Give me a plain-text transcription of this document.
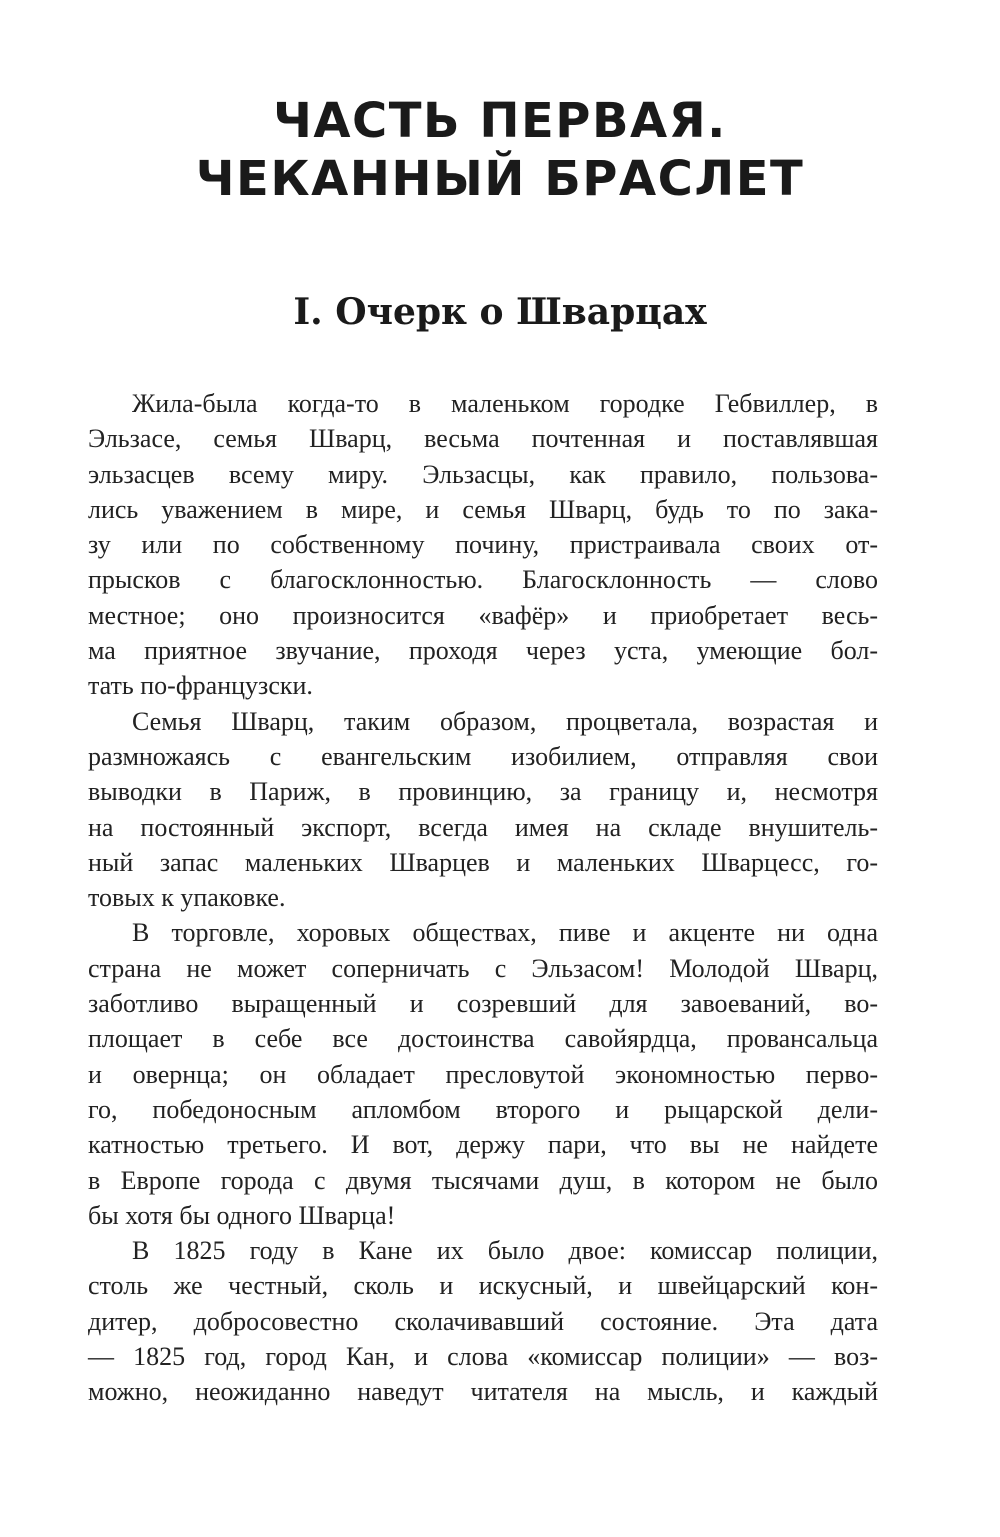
ЧАСТЬ ПЕРВАЯ.
ЧЕКАННЫЙ БРАСЛЕТ
I. Очерк о Шварцах

Жила-была когда-то в маленьком городке Гебвиллер, в
Эльзасе, семья Шварц, весьма почтенная и поставлявшая
эльзасцев всему миру. Эльзасцы, как правило, пользова-
лись уважением в мире, и семья Шварц, будь то по зака-
зу или по собственному почину, пристраивала своих от-
прысков с благосклонностью. Благосклонность — слово
местное; оно произносится «вафёр» и приобретает весь-
ма приятное звучание, проходя через уста, умеющие бол-
тать по-французски.

Семья Шварц, таким образом, процветала, возрастая и
размножаясь с евангельским изобилием, отправляя свои
выводки в Париж, в провинцию, за границу и, несмотря
на постоянный экспорт, всегда имея на складе внушитель-
ный запас маленьких Шварцев и маленьких Шварцесс, го-
товых к упаковке.

В торговле, хоровых обществах, пиве и акценте ни одна
страна не может соперничать с Эльзасом! Молодой Шварц,
заботливо выращенный и созревший для завоеваний, во-
площает в себе все достоинства савойярдца, провансальца
и овернца; он обладает пресловутой экономностью перво-
го, победоносным апломбом второго и рыцарской дели-
катностью третьего. И вот, держу пари, что вы не найдете
в Европе города с двумя тысячами душ, в котором не было
бы хотя бы одного Шварца!

В 1825 году в Кане их было двое: комиссар полиции,
столь же честный, сколь и искусный, и швейцарский кон-
дитер, добросовестно сколачивавший состояние. Эта дата
— 1825 год, город Кан, и слова «комиссар полиции» — воз-
можно, неожиданно наведут читателя на мысль, и каждый
